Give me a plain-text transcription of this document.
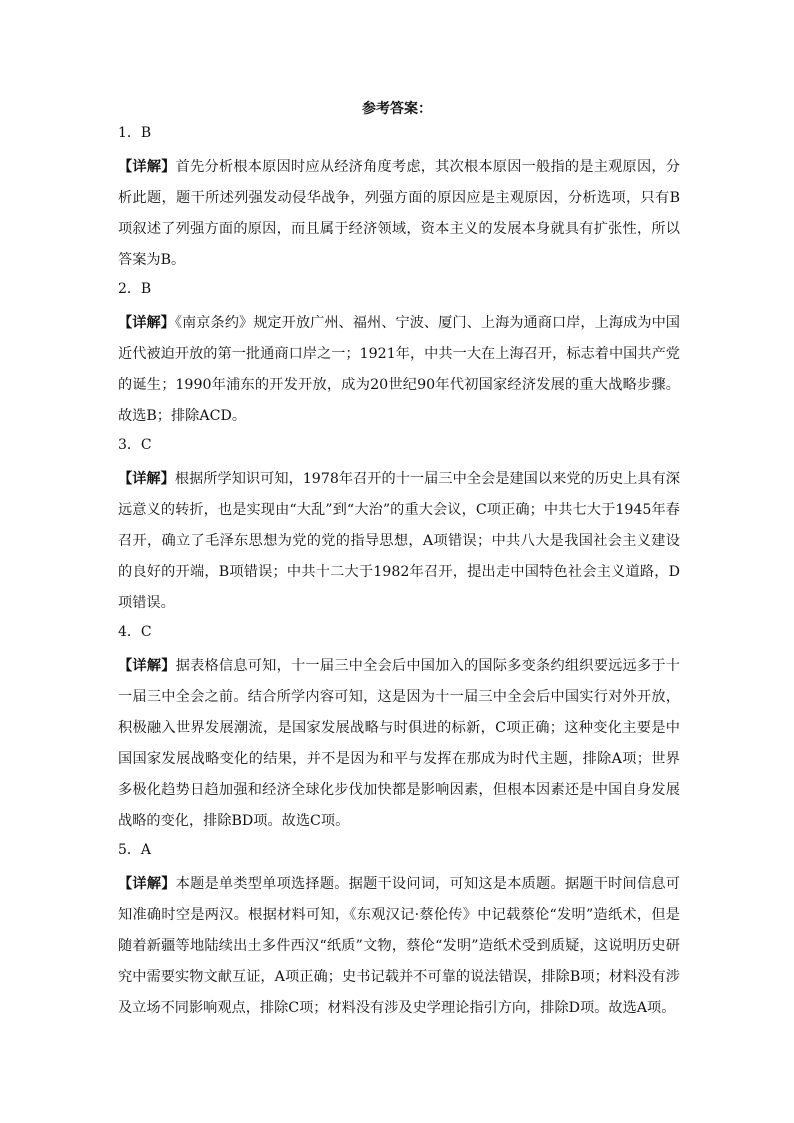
参考答案：
1．B

【详解】首先分析根本原因时应从经济角度考虑，其次根本原因一般指的是主观原因，分析此题，题干所述列强发动侵华战争，列强方面的原因应是主观原因，分析选项，只有B项叙述了列强方面的原因，而且属于经济领域，资本主义的发展本身就具有扩张性，所以答案为B。

2．B

【详解】《南京条约》规定开放广州、福州、宁波、厦门、上海为通商口岸，上海成为中国近代被迫开放的第一批通商口岸之一；1921年，中共一大在上海召开，标志着中国共产党的诞生；1990年浦东的开发开放，成为20世纪90年代初国家经济发展的重大战略步骤。故选B；排除ACD。

3．C

【详解】根据所学知识可知，1978年召开的十一届三中全会是建国以来党的历史上具有深远意义的转折，也是实现由“大乱”到“大治”的重大会议，C项正确；中共七大于1945年春召开，确立了毛泽东思想为党的党的指导思想，A项错误；中共八大是我国社会主义建设的良好的开端，B项错误；中共十二大于1982年召开，提出走中国特色社会主义道路，D项错误。

4．C

【详解】据表格信息可知，十一届三中全会后中国加入的国际多变条约组织要远远多于十一届三中全会之前。结合所学内容可知，这是因为十一届三中全会后中国实行对外开放，积极融入世界发展潮流，是国家发展战略与时俱进的标新，C项正确；这种变化主要是中国国家发展战略变化的结果，并不是因为和平与发挥在那成为时代主题，排除A项；世界多极化趋势日趋加强和经济全球化步伐加快都是影响因素，但根本因素还是中国自身发展战略的变化，排除BD项。故选C项。

5．A

【详解】本题是单类型单项选择题。据题干设问词，可知这是本质题。据题干时间信息可知准确时空是两汉。根据材料可知，《东观汉记·蔡伦传》中记载蔡伦“发明”造纸术，但是随着新疆等地陆续出土多件西汉“纸质”文物，蔡伦“发明”造纸术受到质疑，这说明历史研究中需要实物文献互证，A项正确；史书记载并不可靠的说法错误，排除B项；材料没有涉及立场不同影响观点，排除C项；材料没有涉及史学理论指引方向，排除D项。故选A项。
